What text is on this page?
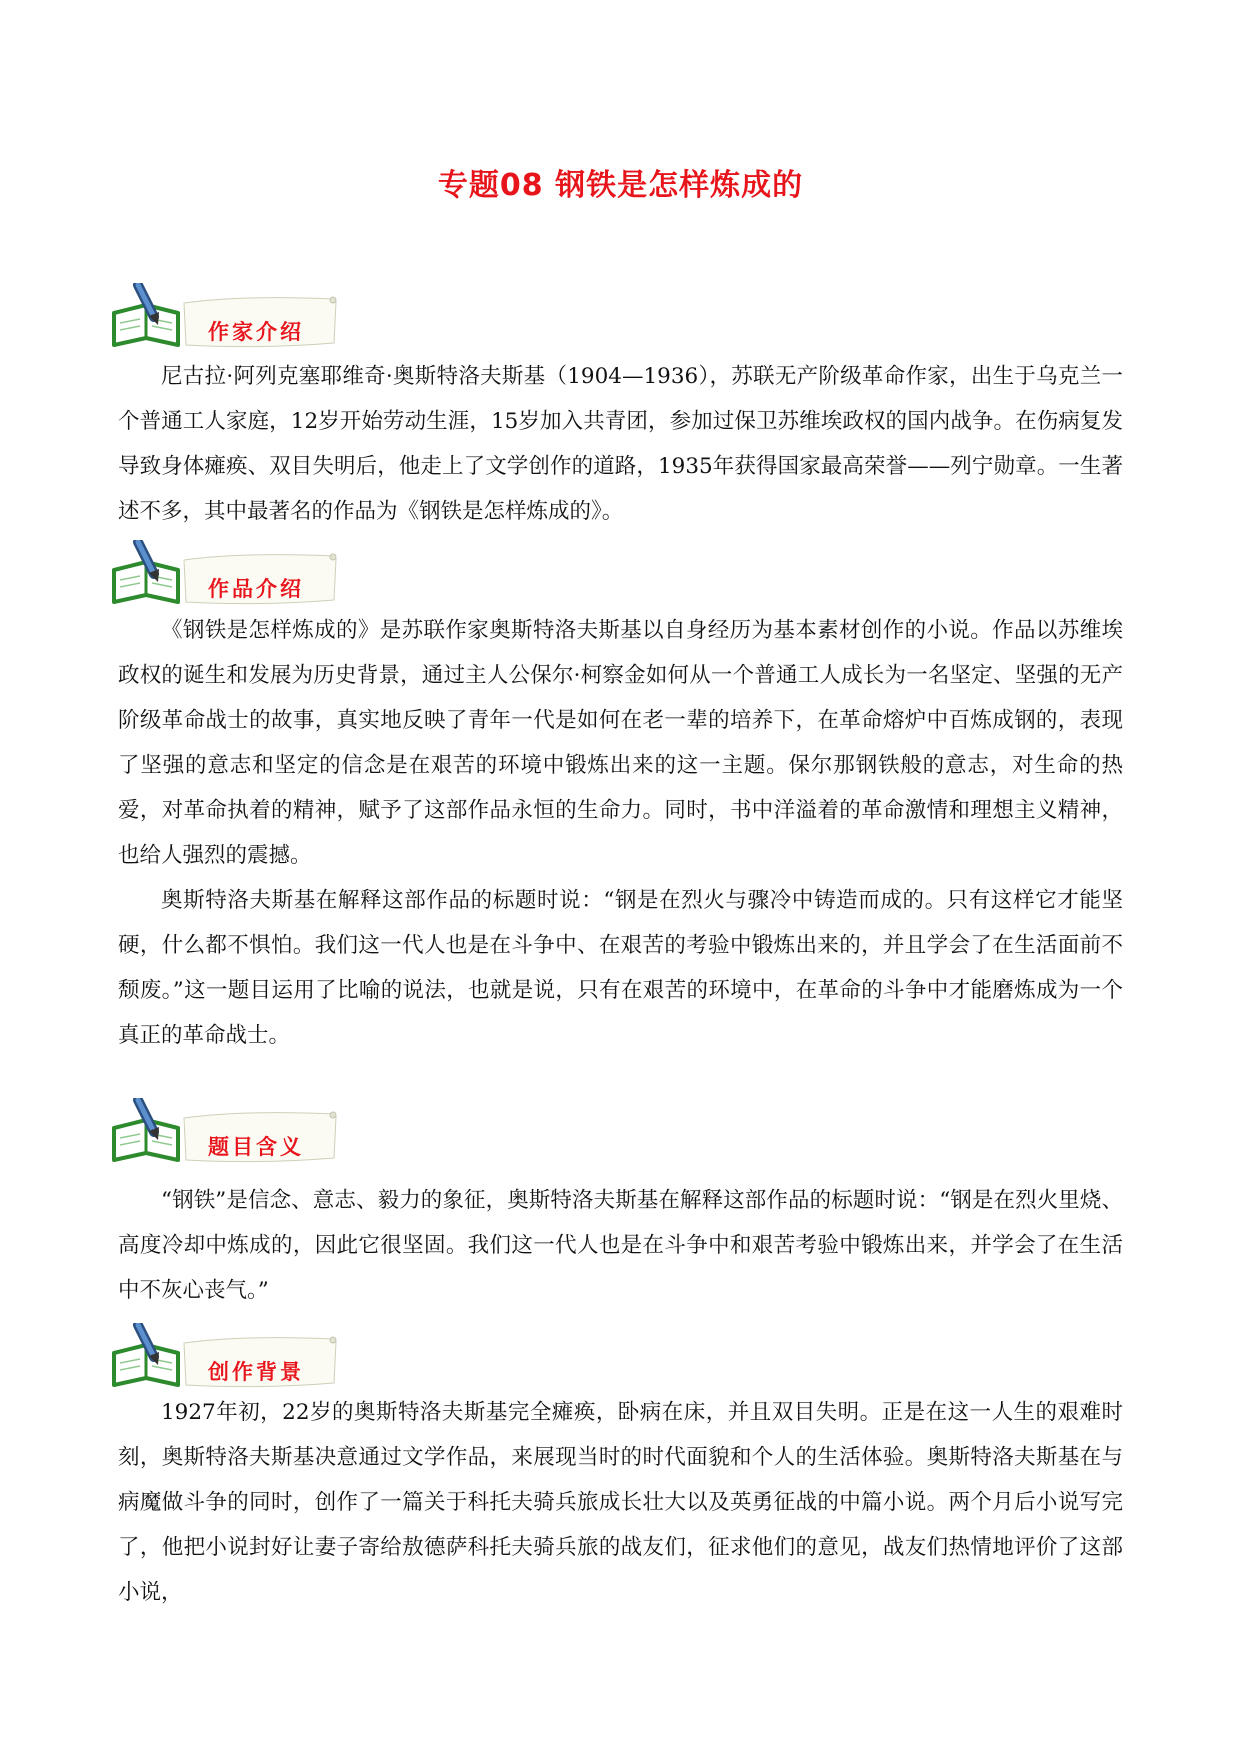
专题08 钢铁是怎样炼成的
作家介绍

尼古拉·阿列克塞耶维奇·奥斯特洛夫斯基（1904—1936），苏联无产阶级革命作家，出生于乌克兰一个普通工人家庭，12岁开始劳动生涯，15岁加入共青团，参加过保卫苏维埃政权的国内战争。在伤病复发导致身体瘫痪、双目失明后，他走上了文学创作的道路，1935年获得国家最高荣誉——列宁勋章。一生著述不多，其中最著名的作品为《钢铁是怎样炼成的》。

作品介绍

《钢铁是怎样炼成的》是苏联作家奥斯特洛夫斯基以自身经历为基本素材创作的小说。作品以苏维埃政权的诞生和发展为历史背景，通过主人公保尔·柯察金如何从一个普通工人成长为一名坚定、坚强的无产阶级革命战士的故事，真实地反映了青年一代是如何在老一辈的培养下，在革命熔炉中百炼成钢的，表现了坚强的意志和坚定的信念是在艰苦的环境中锻炼出来的这一主题。保尔那钢铁般的意志，对生命的热爱，对革命执着的精神，赋予了这部作品永恒的生命力。同时，书中洋溢着的革命激情和理想主义精神，也给人强烈的震撼。

奥斯特洛夫斯基在解释这部作品的标题时说：“钢是在烈火与骤冷中铸造而成的。只有这样它才能坚硬，什么都不惧怕。我们这一代人也是在斗争中、在艰苦的考验中锻炼出来的，并且学会了在生活面前不颓废。”这一题目运用了比喻的说法，也就是说，只有在艰苦的环境中，在革命的斗争中才能磨炼成为一个真正的革命战士。

题目含义

“钢铁”是信念、意志、毅力的象征，奥斯特洛夫斯基在解释这部作品的标题时说：“钢是在烈火里烧、高度冷却中炼成的，因此它很坚固。我们这一代人也是在斗争中和艰苦考验中锻炼出来，并学会了在生活中不灰心丧气。”

创作背景

1927年初，22岁的奥斯特洛夫斯基完全瘫痪，卧病在床，并且双目失明。正是在这一人生的艰难时刻，奥斯特洛夫斯基决意通过文学作品，来展现当时的时代面貌和个人的生活体验。奥斯特洛夫斯基在与病魔做斗争的同时，创作了一篇关于科托夫骑兵旅成长壮大以及英勇征战的中篇小说。两个月后小说写完了，他把小说封好让妻子寄给敖德萨科托夫骑兵旅的战友们，征求他们的意见，战友们热情地评价了这部小说，
